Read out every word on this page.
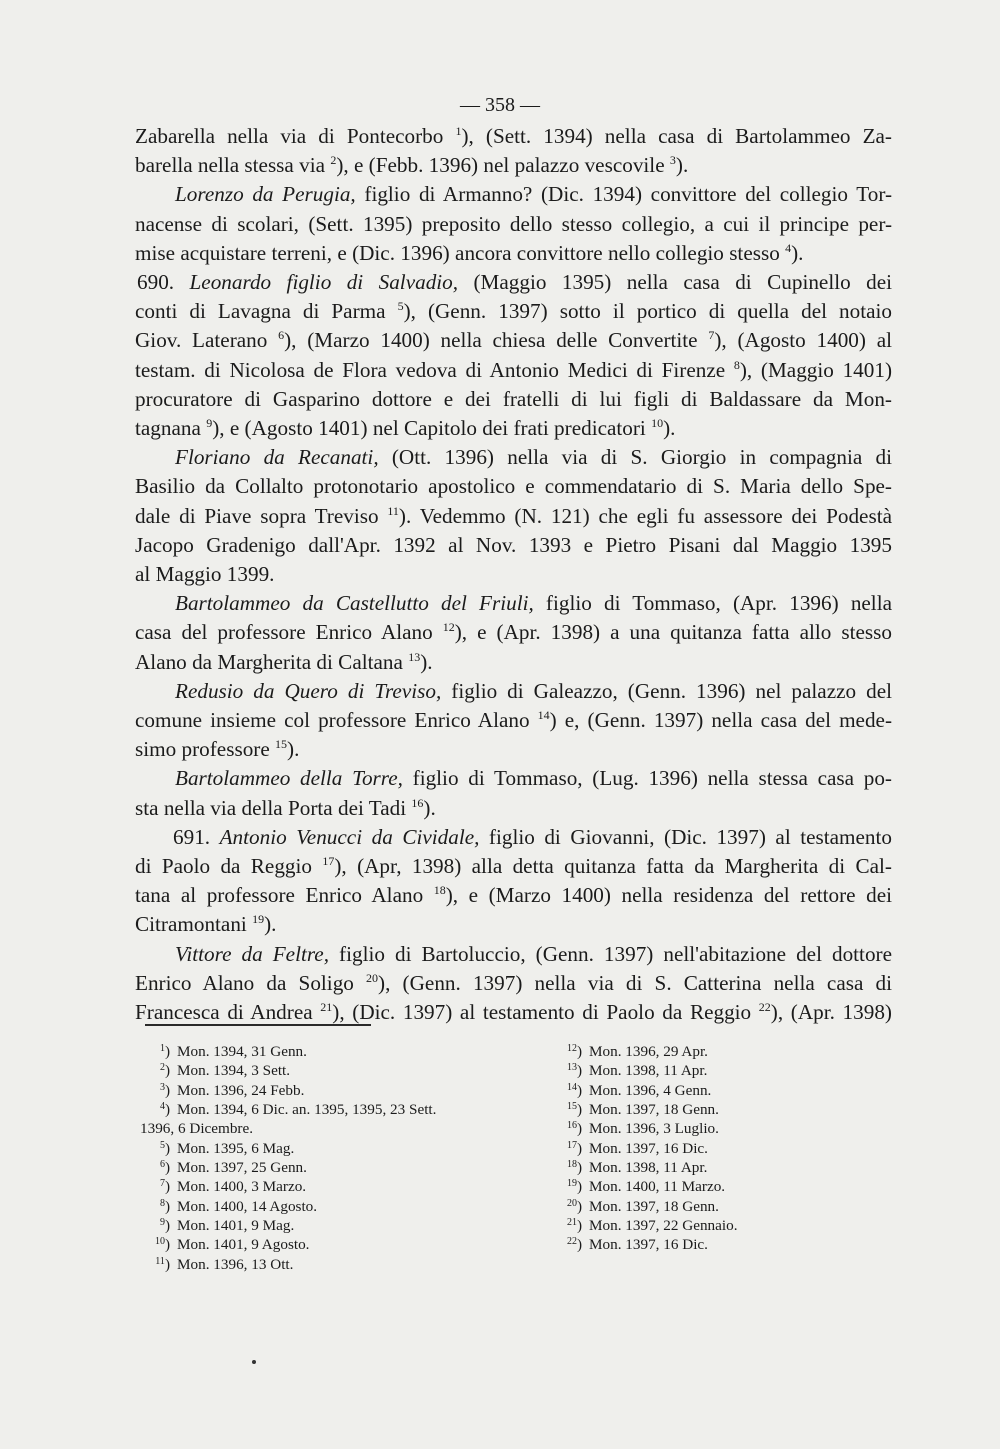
— 358 —
Zabarella nella via di Pontecorbo $^1$), (Sett. 1394) nella casa di Bartolammeo Za-
barella nella stessa via $^2$), e (Febb. 1396) nel palazzo vescovile $^3$).
Lorenzo da Perugia, figlio di Armanno? (Dic. 1394) convittore del collegio Tor-
nacense di scolari, (Sett. 1395) preposito dello stesso collegio, a cui il principe per-
mise acquistare terreni, e (Dic. 1396) ancora convittore nello collegio stesso $^4$).
690. Leonardo figlio di Salvadio, (Maggio 1395) nella casa di Cupinello dei
conti di Lavagna di Parma $^5$), (Genn. 1397) sotto il portico di quella del notaio
Giov. Laterano $^6$), (Marzo 1400) nella chiesa delle Convertite $^7$), (Agosto 1400) al
testam. di Nicolosa de Flora vedova di Antonio Medici di Firenze $^8$), (Maggio 1401)
procuratore di Gasparino dottore e dei fratelli di lui figli di Baldassare da Mon-
tagnana $^9$), e (Agosto 1401) nel Capitolo dei frati predicatori $^{10}$).
Floriano da Recanati, (Ott. 1396) nella via di S. Giorgio in compagnia di
Basilio da Collalto protonotario apostolico e commendatario di S. Maria dello Spe-
dale di Piave sopra Treviso $^{11}$). Vedemmo (N. 121) che egli fu assessore dei Podestà
Jacopo Gradenigo dall'Apr. 1392 al Nov. 1393 e Pietro Pisani dal Maggio 1395
al Maggio 1399.
Bartolammeo da Castellutto del Friuli, figlio di Tommaso, (Apr. 1396) nella
casa del professore Enrico Alano $^{12}$), e (Apr. 1398) a una quitanza fatta allo stesso
Alano da Margherita di Caltana $^{13}$).
Redusio da Quero di Treviso, figlio di Galeazzo, (Genn. 1396) nel palazzo del
comune insieme col professore Enrico Alano $^{14}$) e, (Genn. 1397) nella casa del mede-
simo professore $^{15}$).
Bartolammeo della Torre, figlio di Tommaso, (Lug. 1396) nella stessa casa po-
sta nella via della Porta dei Tadi $^{16}$).
691. Antonio Venucci da Cividale, figlio di Giovanni, (Dic. 1397) al testamento
di Paolo da Reggio $^{17}$), (Apr, 1398) alla detta quitanza fatta da Margherita di Cal-
tana al professore Enrico Alano $^{18}$), e (Marzo 1400) nella residenza del rettore dei
Citramontani $^{19}$).
Vittore da Feltre, figlio di Bartoluccio, (Genn. 1397) nell'abitazione del dottore
Enrico Alano da Soligo $^{20}$), (Genn. 1397) nella via di S. Catterina nella casa di
Francesca di Andrea $^{21}$), (Dic. 1397) al testamento di Paolo da Reggio $^{22}$), (Apr. 1398)
$^1$) Mon. 1394, 31 Genn.
$^2$) Mon. 1394, 3 Sett.
$^3$) Mon. 1396, 24 Febb.
$^4$) Mon. 1394, 6 Dic. an. 1395, 1395, 23 Sett.
1396, 6 Dicembre.
$^5$) Mon. 1395, 6 Mag.
$^6$) Mon. 1397, 25 Genn.
$^7$) Mon. 1400, 3 Marzo.
$^8$) Mon. 1400, 14 Agosto.
$^9$) Mon. 1401, 9 Mag.
$^{10}$) Mon. 1401, 9 Agosto.
$^{11}$) Mon. 1396, 13 Ott.
$^{12}$) Mon. 1396, 29 Apr.
$^{13}$) Mon. 1398, 11 Apr.
$^{14}$) Mon. 1396, 4 Genn.
$^{15}$) Mon. 1397, 18 Genn.
$^{16}$) Mon. 1396, 3 Luglio.
$^{17}$) Mon. 1397, 16 Dic.
$^{18}$) Mon. 1398, 11 Apr.
$^{19}$) Mon. 1400, 11 Marzo.
$^{20}$) Mon. 1397, 18 Genn.
$^{21}$) Mon. 1397, 22 Gennaio.
$^{22}$) Mon. 1397, 16 Dic.
